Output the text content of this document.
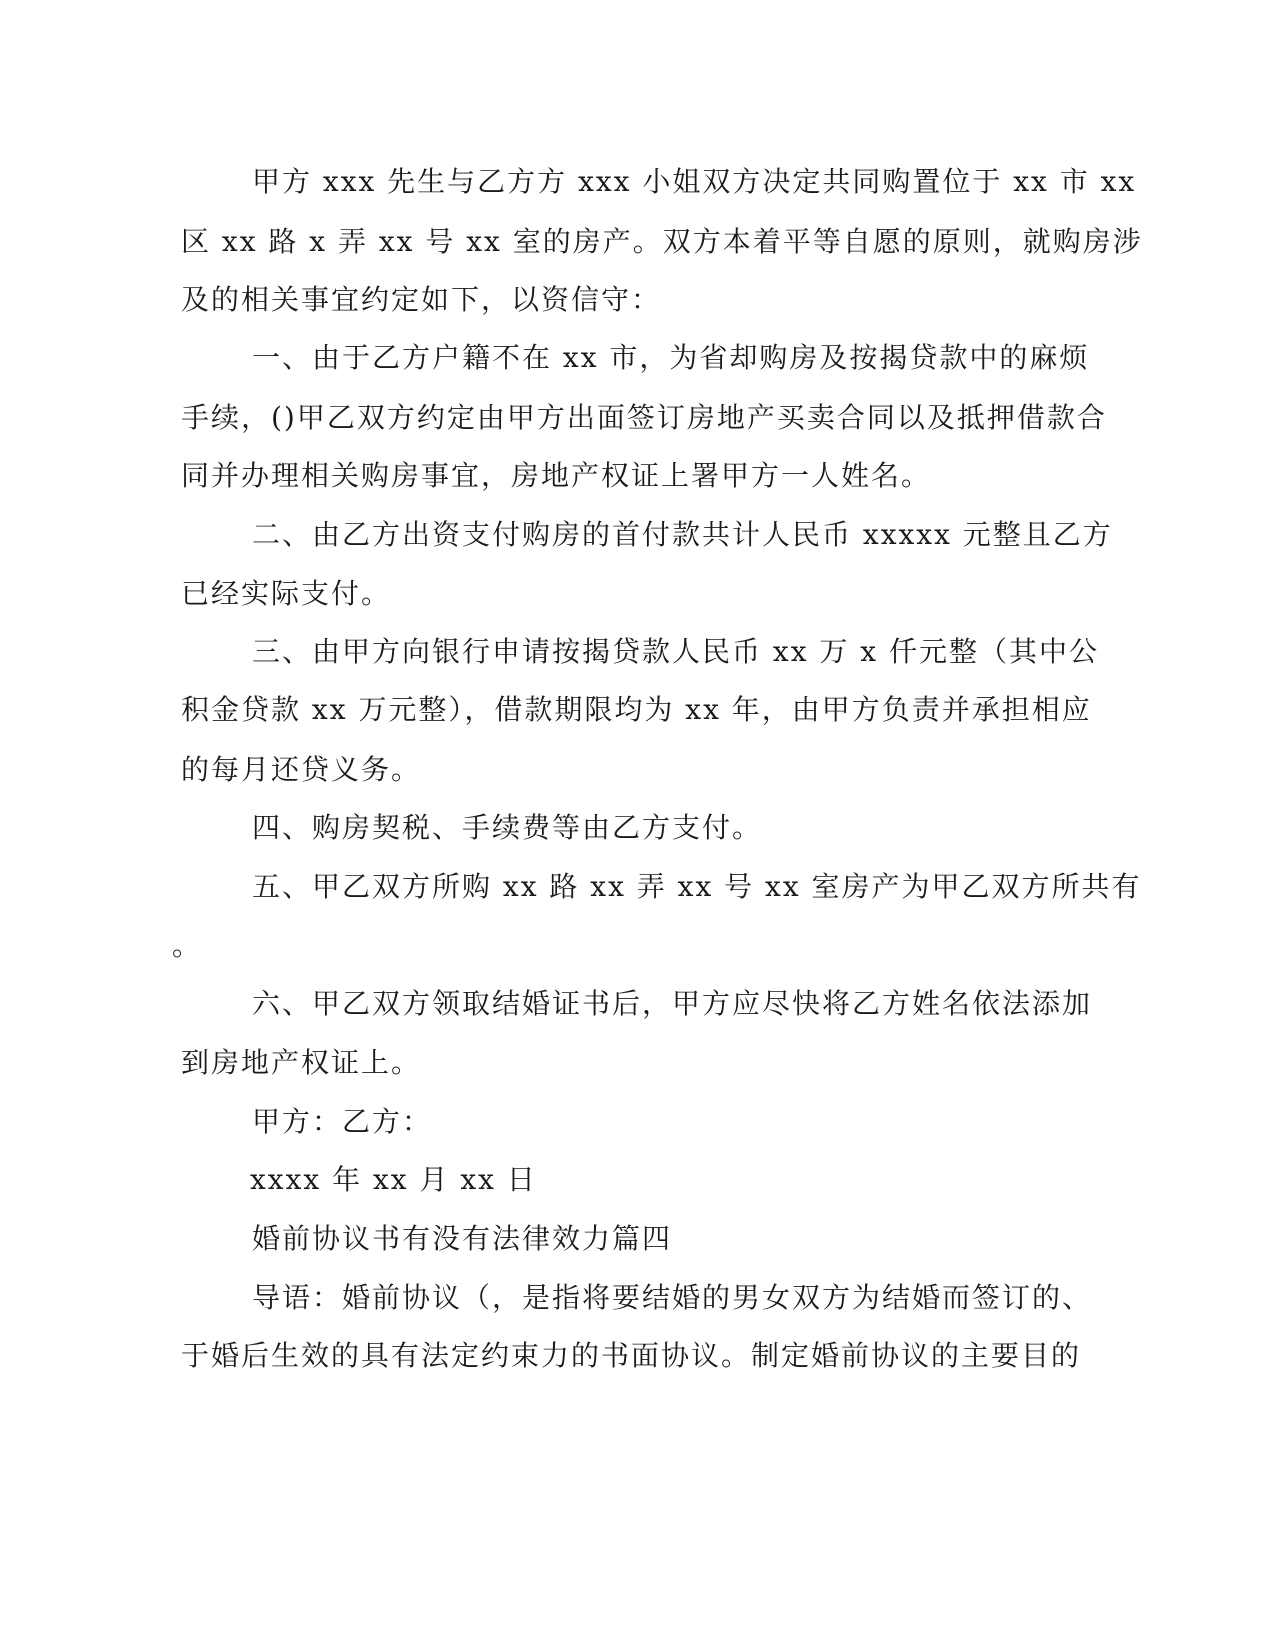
甲方 xxx 先生与乙方方 xxx 小姐双方决定共同购置位于 xx 市 xx
区 xx 路 x 弄 xx 号 xx 室的房产。双方本着平等自愿的原则，就购房涉
及的相关事宜约定如下，以资信守：
一、由于乙方户籍不在 xx 市，为省却购房及按揭贷款中的麻烦
手续，()甲乙双方约定由甲方出面签订房地产买卖合同以及抵押借款合
同并办理相关购房事宜，房地产权证上署甲方一人姓名。
二、由乙方出资支付购房的首付款共计人民币 xxxxx 元整且乙方
已经实际支付。
三、由甲方向银行申请按揭贷款人民币 xx 万 x 仟元整（其中公
积金贷款 xx 万元整），借款期限均为 xx 年，由甲方负责并承担相应
的每月还贷义务。
四、购房契税、手续费等由乙方支付。
五、甲乙双方所购 xx 路 xx 弄 xx 号 xx 室房产为甲乙双方所共有
。
六、甲乙双方领取结婚证书后，甲方应尽快将乙方姓名依法添加
到房地产权证上。
甲方：乙方：
xxxx 年 xx 月 xx 日
婚前协议书有没有法律效力篇四
导语：婚前协议（，是指将要结婚的男女双方为结婚而签订的、
于婚后生效的具有法定约束力的书面协议。制定婚前协议的主要目的
